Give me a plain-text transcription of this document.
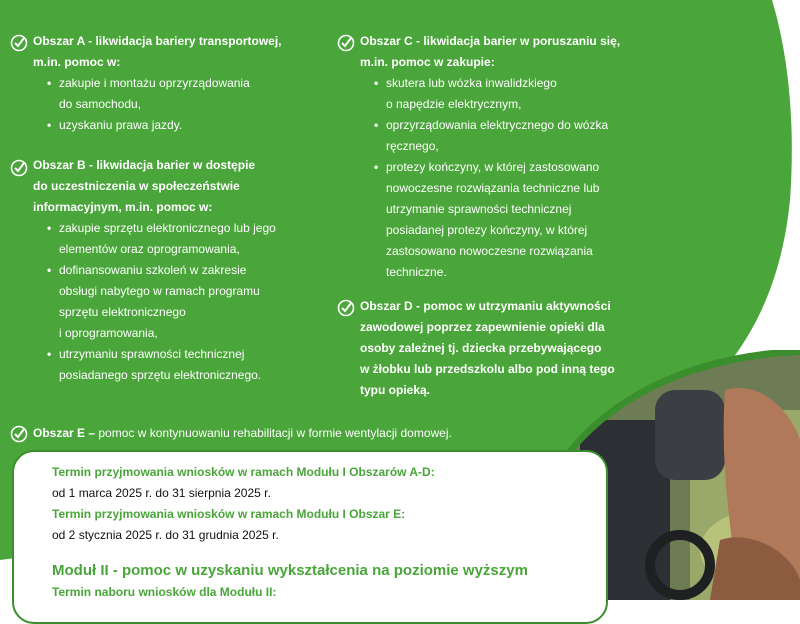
Obszar A - likwidacja bariery transportowej,
m.in. pomoc w:
• zakupie i montażu oprzyrządowania
do samochodu,
• uzyskaniu prawa jazdy.
Obszar B - likwidacja barier w dostępie
do uczestniczenia w społeczeństwie
informacyjnym, m.in. pomoc w:
• zakupie sprzętu elektronicznego lub jego
elementów oraz oprogramowania,
• dofinansowaniu szkoleń w zakresie
obsługi nabytego w ramach programu
sprzętu elektronicznego
i oprogramowania,
• utrzymaniu sprawności technicznej
posiadanego sprzętu elektronicznego.
Obszar C - likwidacja barier w poruszaniu się,
m.in. pomoc w zakupie:
• skutera lub wózka inwalidzkiego
o napędzie elektrycznym,
• oprzyrządowania elektrycznego do wózka
ręcznego,
• protezy kończyny, w której zastosowano
nowoczesne rozwiązania techniczne lub
utrzymanie sprawności technicznej
posiadanej protezy kończyny, w której
zastosowano nowoczesne rozwiązania
techniczne.
Obszar D - pomoc w utrzymaniu aktywności
zawodowej poprzez zapewnienie opieki dla
osoby zależnej tj. dziecka przebywającego
w żłobku lub przedszkolu albo pod inną tego
typu opieką.
Obszar E – pomoc w kontynuowaniu rehabilitacji w formie wentylacji domowej.
Termin przyjmowania wniosków w ramach Modułu I Obszarów A-D:
od 1 marca 2025 r. do 31 sierpnia 2025 r.
Termin przyjmowania wniosków w ramach Modułu I Obszar E:
od 2 stycznia 2025 r. do 31 grudnia 2025 r.
Moduł II - pomoc w uzyskaniu wykształcenia na poziomie wyższym
Termin naboru wniosków dla Modułu II:
